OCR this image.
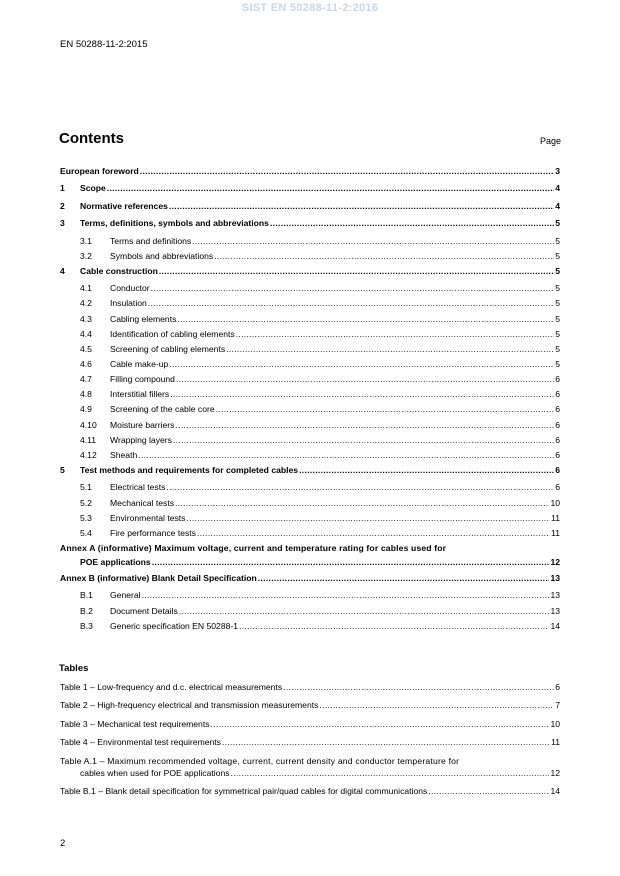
SIST EN 50288-11-2:2016
EN 50288-11-2:2015
Contents	Page
European foreword .....	3
1	Scope .....	4
2	Normative references .....	4
3	Terms, definitions, symbols and abbreviations .....	5
3.1	Terms and definitions .....	5
3.2	Symbols and abbreviations .....	5
4	Cable construction .....	5
4.1	Conductor .....	5
4.2	Insulation .....	5
4.3	Cabling elements .....	5
4.4	Identification of cabling elements .....	5
4.5	Screening of cabling elements .....	5
4.6	Cable make-up .....	5
4.7	Filling compound .....	6
4.8	Interstitial fillers .....	6
4.9	Screening of the cable core .....	6
4.10	Moisture barriers .....	6
4.11	Wrapping layers .....	6
4.12	Sheath .....	6
5	Test methods and requirements for completed cables .....	6
5.1	Electrical tests .....	6
5.2	Mechanical tests .....	10
5.3	Environmental tests .....	11
5.4	Fire performance tests .....	11
Annex A (informative) Maximum voltage, current and temperature rating for cables used for
POE applications .....	12
Annex B (informative) Blank Detail Specification .....	13
B.1	General .....	13
B.2	Document Details .....	13
B.3	Generic specification EN 50288-1 .....	14
Tables
Table 1 – Low-frequency and d.c. electrical measurements .....	6
Table 2 – High-frequency electrical and transmission measurements .....	7
Table 3 – Mechanical test requirements .....	10
Table 4 – Environmental test requirements .....	11
Table A.1 – Maximum recommended voltage, current, current density and conductor temperature for
cables when used for POE applications .....	12
Table B.1 – Blank detail specification for symmetrical pair/quad cables for digital communications .....	14
2
